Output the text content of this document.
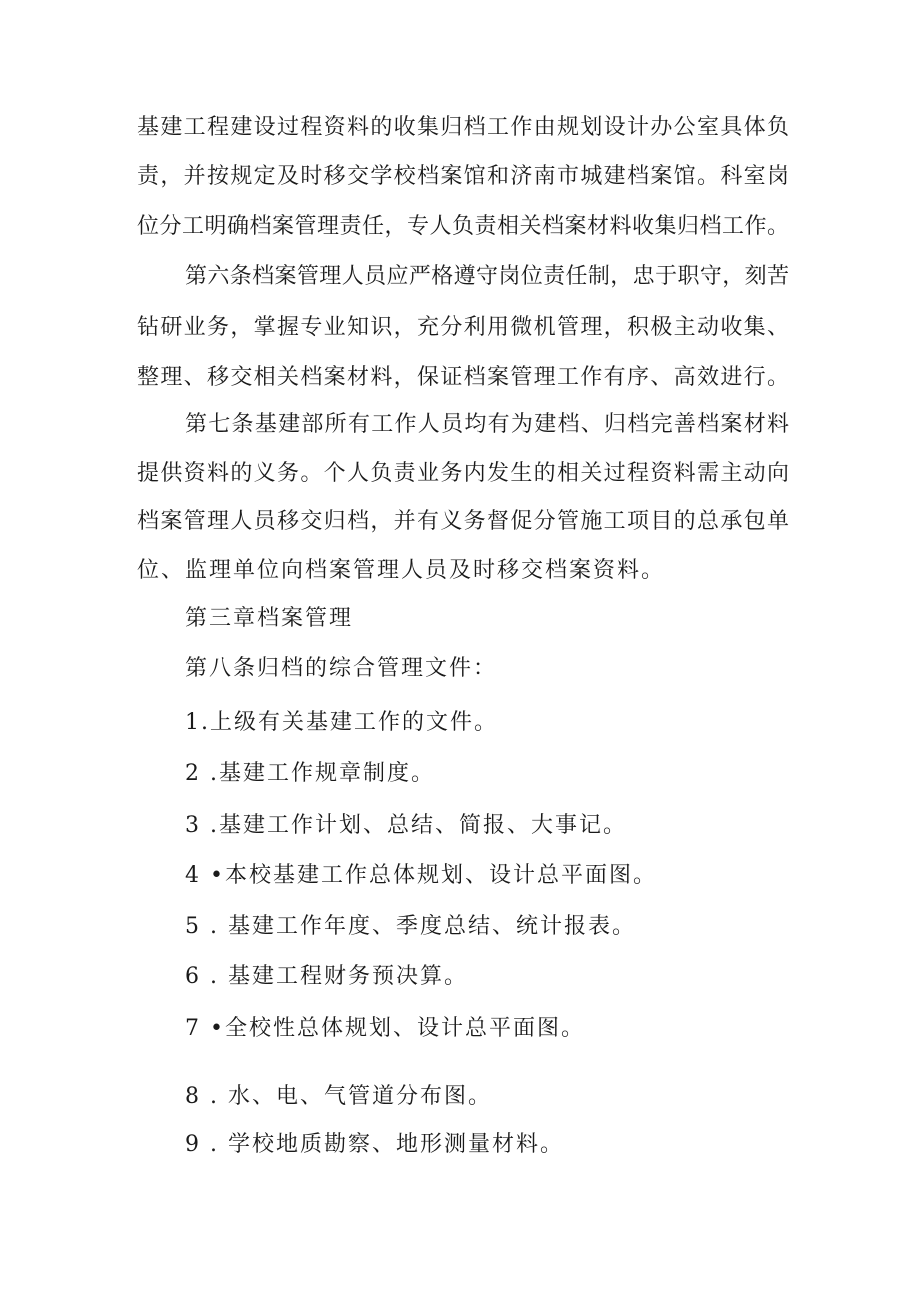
基建工程建设过程资料的收集归档工作由规划设计办公室具体负
责，并按规定及时移交学校档案馆和济南市城建档案馆。科室岗
位分工明确档案管理责任，专人负责相关档案材料收集归档工作。
第六条档案管理人员应严格遵守岗位责任制，忠于职守，刻苦
钻研业务，掌握专业知识，充分利用微机管理，积极主动收集、
整理、移交相关档案材料，保证档案管理工作有序、高效进行。
第七条基建部所有工作人员均有为建档、归档完善档案材料
提供资料的义务。个人负责业务内发生的相关过程资料需主动向
档案管理人员移交归档，并有义务督促分管施工项目的总承包单
位、监理单位向档案管理人员及时移交档案资料。
第三章档案管理
第八条归档的综合管理文件：
1.上级有关基建工作的文件。
2 .基建工作规章制度。
3 .基建工作计划、总结、简报、大事记。
4 •本校基建工作总体规划、设计总平面图。
5 . 基建工作年度、季度总结、统计报表。
6 . 基建工程财务预决算。
7 •全校性总体规划、设计总平面图。
8 . 水、电、气管道分布图。
9 . 学校地质勘察、地形测量材料。
